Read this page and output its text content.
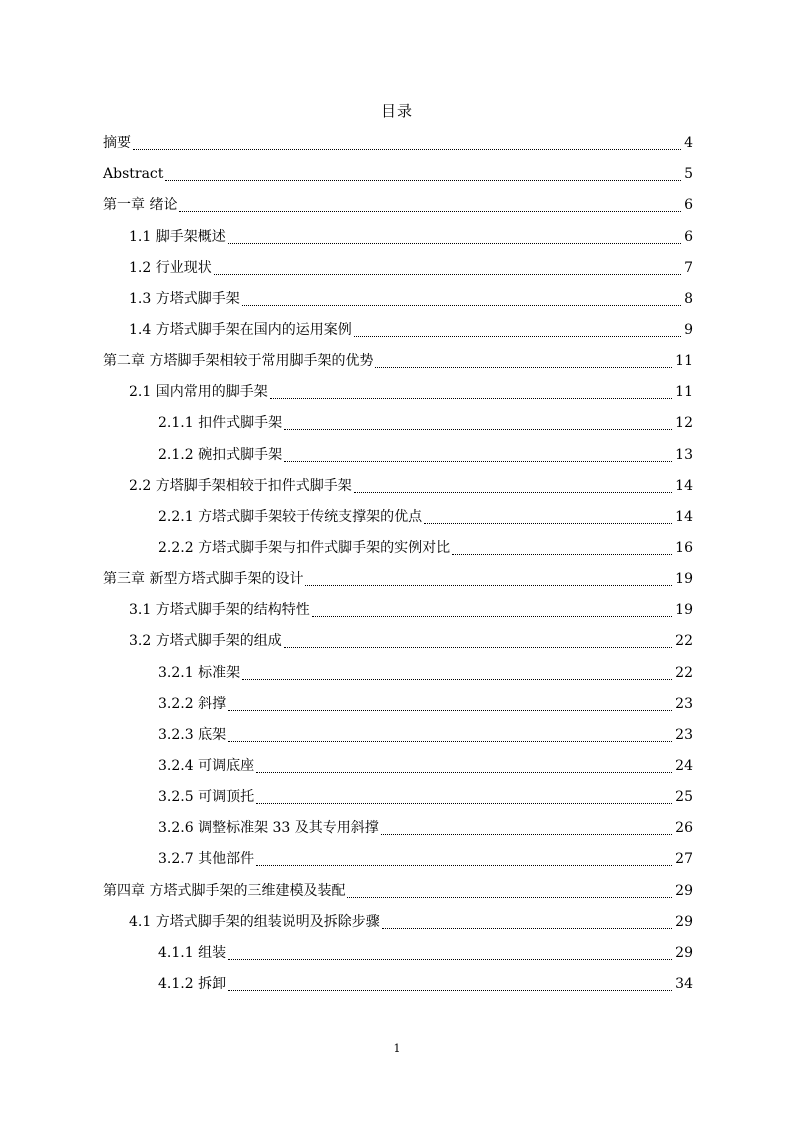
目录
摘要	4
Abstract	5
第一章 绪论	6
1.1 脚手架概述	6
1.2 行业现状	7
1.3 方塔式脚手架	8
1.4 方塔式脚手架在国内的运用案例	9
第二章 方塔脚手架相较于常用脚手架的优势	11
2.1 国内常用的脚手架	11
2.1.1 扣件式脚手架	12
2.1.2 碗扣式脚手架	13
2.2 方塔脚手架相较于扣件式脚手架	14
2.2.1 方塔式脚手架较于传统支撑架的优点	14
2.2.2 方塔式脚手架与扣件式脚手架的实例对比	16
第三章 新型方塔式脚手架的设计	19
3.1 方塔式脚手架的结构特性	19
3.2 方塔式脚手架的组成	22
3.2.1 标准架	22
3.2.2 斜撑	23
3.2.3 底架	23
3.2.4 可调底座	24
3.2.5 可调顶托	25
3.2.6 调整标准架 33 及其专用斜撑	26
3.2.7 其他部件	27
第四章 方塔式脚手架的三维建模及装配	29
4.1 方塔式脚手架的组装说明及拆除步骤	29
4.1.1 组装	29
4.1.2 拆卸	34
1
